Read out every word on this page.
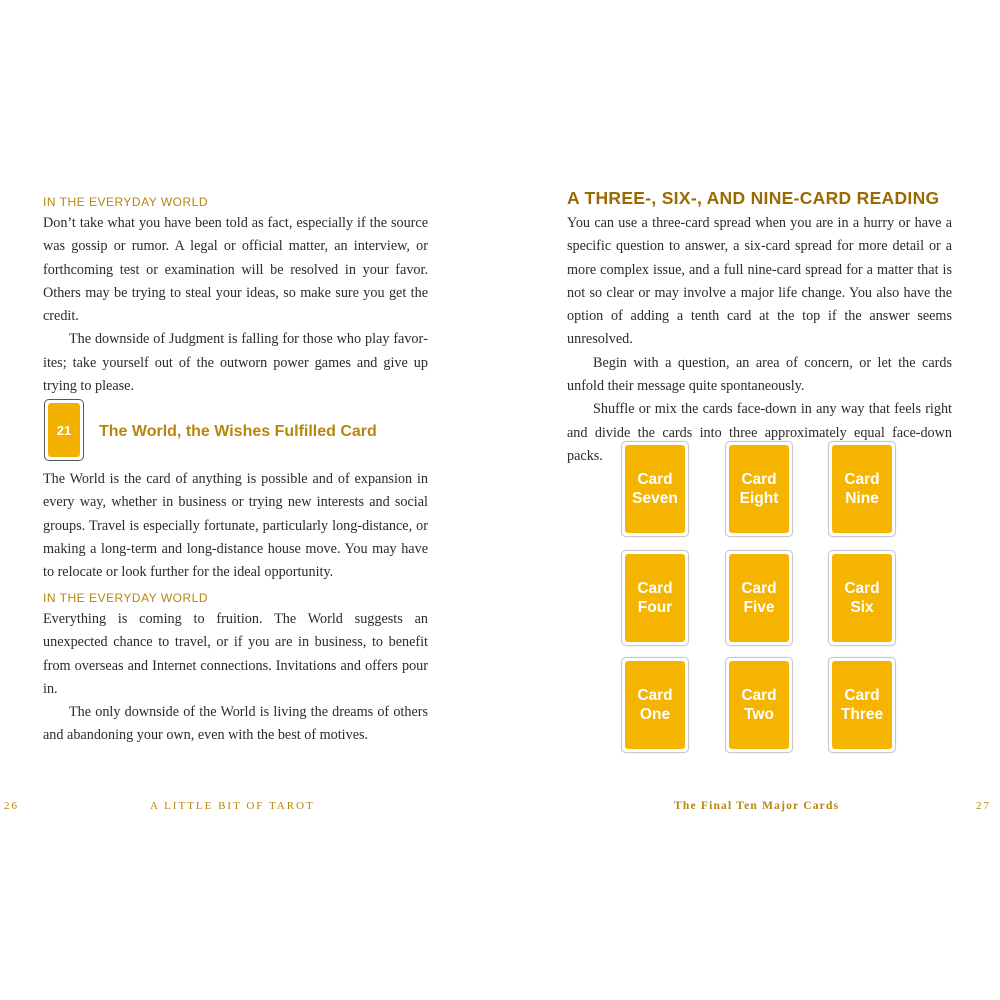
IN THE EVERYDAY WORLD

Don’t take what you have been told as fact, especially if the source was gossip or rumor. A legal or official matter, an interview, or forthcoming test or examination will be resolved in your favor. Others may be trying to steal your ideas, so make sure you get the credit.

The downside of Judgment is falling for those who play favorites; take yourself out of the outworn power games and give up trying to please.

21	The World, the Wishes Fulfilled Card

The World is the card of anything is possible and of expansion in every way, whether in business or trying new interests and social groups. Travel is especially fortunate, particularly long-distance, or making a long-term and long-distance house move. You may have to relocate or look further for the ideal opportunity.

IN THE EVERYDAY WORLD

Everything is coming to fruition. The World suggests an unexpected chance to travel, or if you are in business, to benefit from overseas and Internet connections. Invitations and offers pour in.

The only downside of the World is living the dreams of others and abandoning your own, even with the best of motives.

26	A LITTLE BIT OF TAROT
A THREE-, SIX-, AND NINE-CARD READING

You can use a three-card spread when you are in a hurry or have a specific question to answer, a six-card spread for more detail or a more complex issue, and a full nine-card spread for a matter that is not so clear or may involve a major life change. You also have the option of adding a tenth card at the top if the answer seems unresolved.

Begin with a question, an area of concern, or let the cards unfold their message quite spontaneously.

Shuffle or mix the cards face-down in any way that feels right and divide the cards into three approximately equal face-down packs.

Card
Seven
Card
Eight
Card
Nine
Card
Four
Card
Five
Card
Six
Card
One
Card
Two
Card
Three
The Final Ten Major Cards	27
